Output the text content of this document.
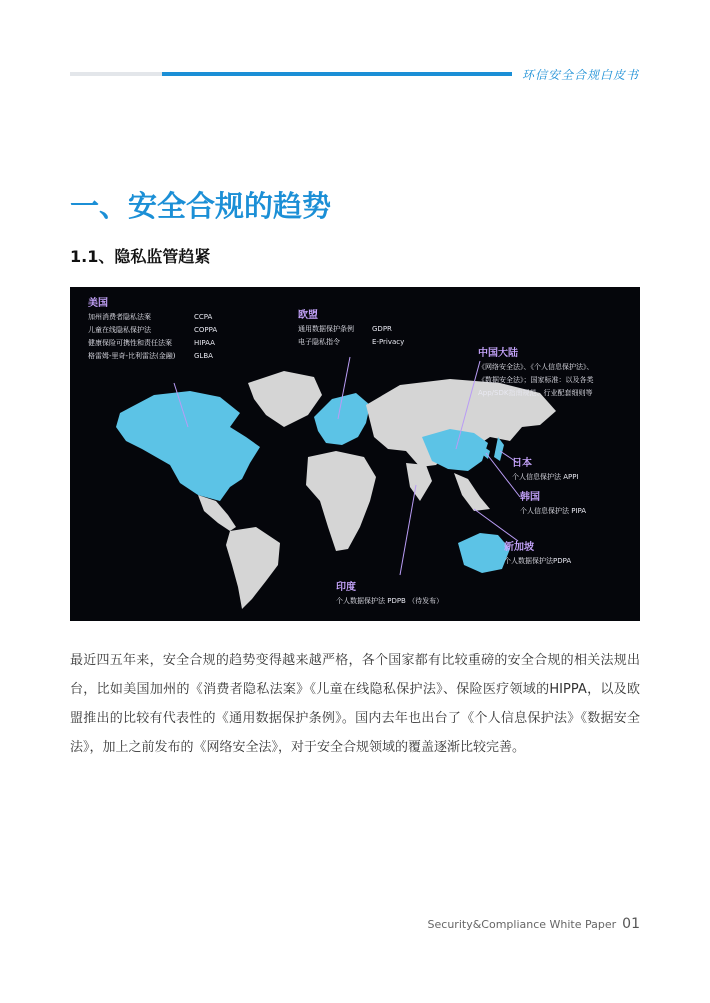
环信安全合规白皮书
一、安全合规的趋势
1.1、隐私监管趋紧
美国
加州消费者隐私法案	CCPA
儿童在线隐私保护法	COPPA
健康保险可携性和责任法案	HIPAA
格雷姆-里奇-比利雷法(金融)	GLBA
欧盟
通用数据保护条例	GDPR
电子隐私指令	E-Privacy
中国大陆
《网络安全法》、《个人信息保护法》、
《数据安全法》；国家标准：以及各类
App/SDK指南规范、行业配套细则等
日本
个人信息保护法 APPI
韩国
个人信息保护法 PIPA
新加坡
个人数据保护法PDPA
印度
个人数据保护法 PDPB （待发布）
最近四五年来，安全合规的趋势变得越来越严格，各个国家都有比较重磅的安全合规的相关法规出台，比如美国加州的《消费者隐私法案》《儿童在线隐私保护法》、保险医疗领域的HIPPA，以及欧盟推出的比较有代表性的《通用数据保护条例》。国内去年也出台了《个人信息保护法》《数据安全法》，加上之前发布的《网络安全法》，对于安全合规领域的覆盖逐渐比较完善。
Security&Compliance White Paper 01
